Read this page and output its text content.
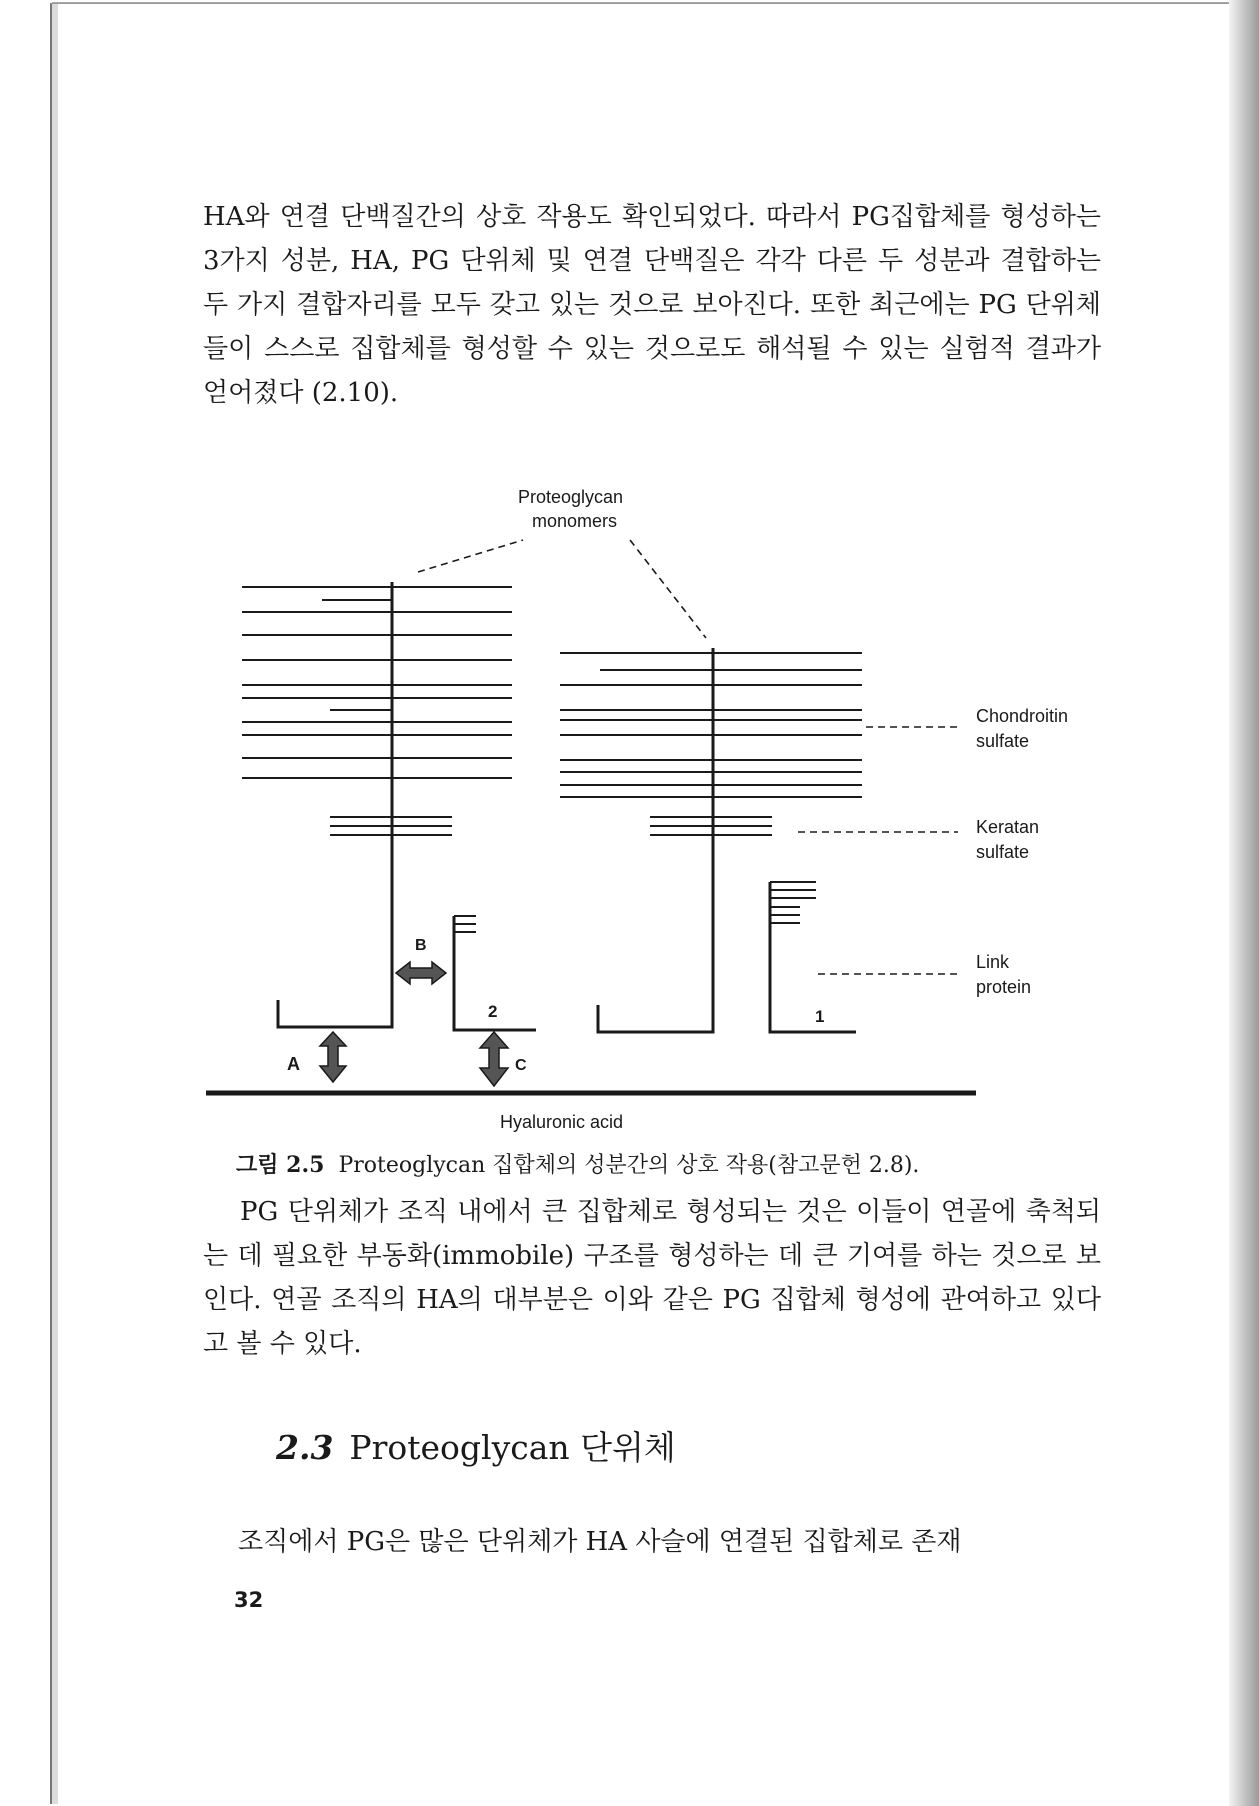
HA와 연결 단백질간의 상호 작용도 확인되었다. 따라서 PG집합체를 형성하는 3가지 성분, HA, PG 단위체 및 연결 단백질은 각각 다른 두 성분과 결합하는 두 가지 결합자리를 모두 갖고 있는 것으로 보아진다. 또한 최근에는 PG 단위체들이 스스로 집합체를 형성할 수 있는 것으로도 해석될 수 있는 실험적 결과가 얻어졌다 (2.10).

Proteoglycan
monomers
Chondroitin
sulfate
Keratan
sulfate
Link
protein
Hyaluronic acid
A
B
C
1
2

그림 2.5 Proteoglycan 집합체의 성분간의 상호 작용(참고문헌 2.8).

PG 단위체가 조직 내에서 큰 집합체로 형성되는 것은 이들이 연골에 축척되는 데 필요한 부동화(immobile) 구조를 형성하는 데 큰 기여를 하는 것으로 보인다. 연골 조직의 HA의 대부분은 이와 같은 PG 집합체 형성에 관여하고 있다고 볼 수 있다.

2.3 Proteoglycan 단위체

조직에서 PG은 많은 단위체가 HA 사슬에 연결된 집합체로 존재

32
